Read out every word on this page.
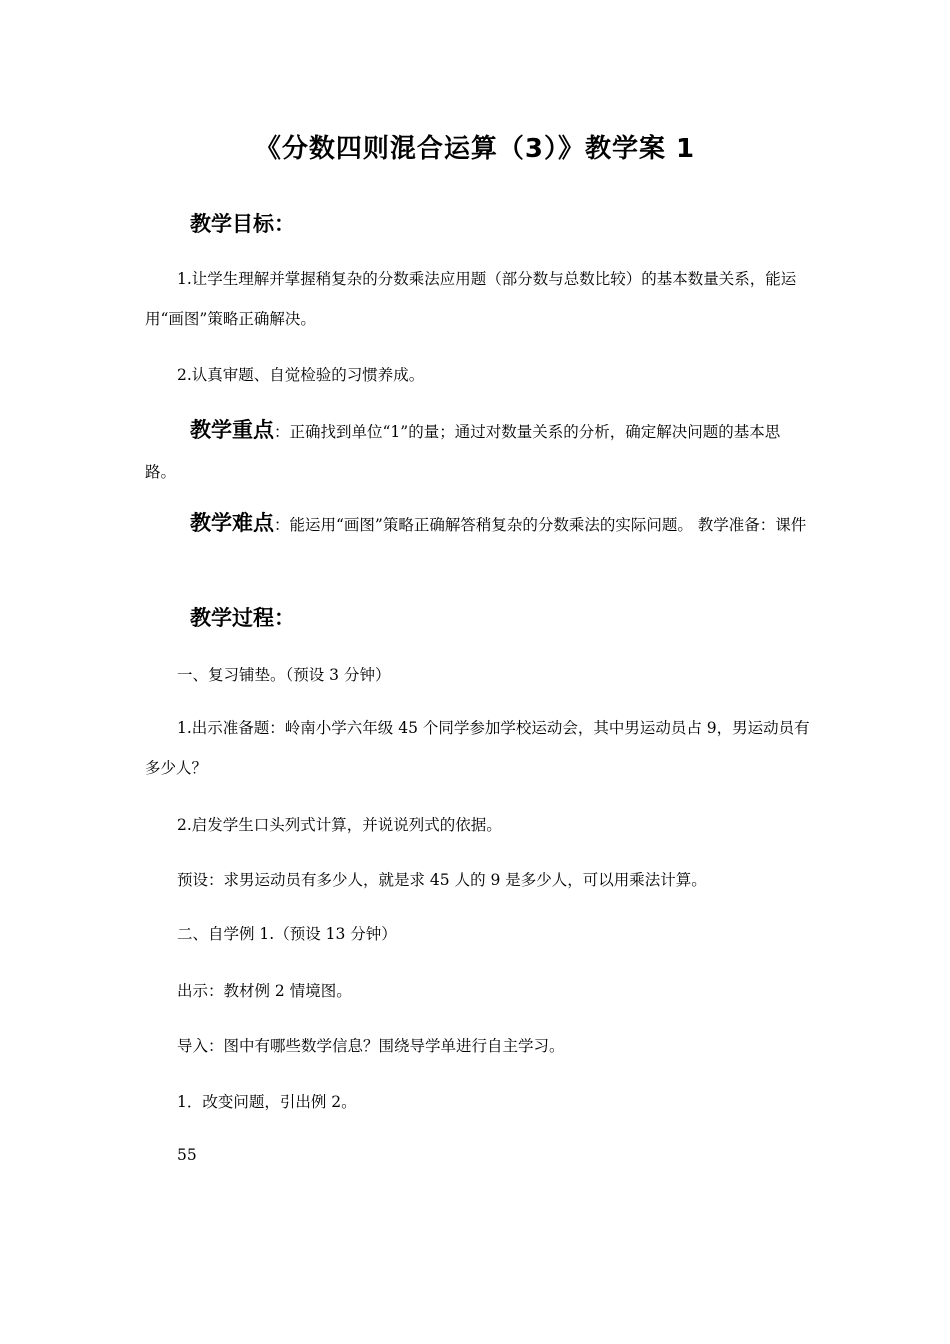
《分数四则混合运算（3）》教学案 1
教学目标：
1.让学生理解并掌握稍复杂的分数乘法应用题（部分数与总数比较）的基本数量关系，能运用“画图”策略正确解决。
2.认真审题、自觉检验的习惯养成。
教学重点：正确找到单位“1”的量；通过对数量关系的分析，确定解决问题的基本思路。
教学难点：能运用“画图”策略正确解答稍复杂的分数乘法的实际问题。 教学准备：课件
教学过程：
一、复习铺垫。（预设 3 分钟）
1.出示准备题：岭南小学六年级 45 个同学参加学校运动会，其中男运动员占 9，男运动员有多少人？
2.启发学生口头列式计算，并说说列式的依据。
预设：求男运动员有多少人，就是求 45 人的 9 是多少人，可以用乘法计算。
二、自学例 1.（预设 13 分钟）
出示：教材例 2 情境图。
导入：图中有哪些数学信息？围绕导学单进行自主学习。
1．改变问题，引出例 2。
55
